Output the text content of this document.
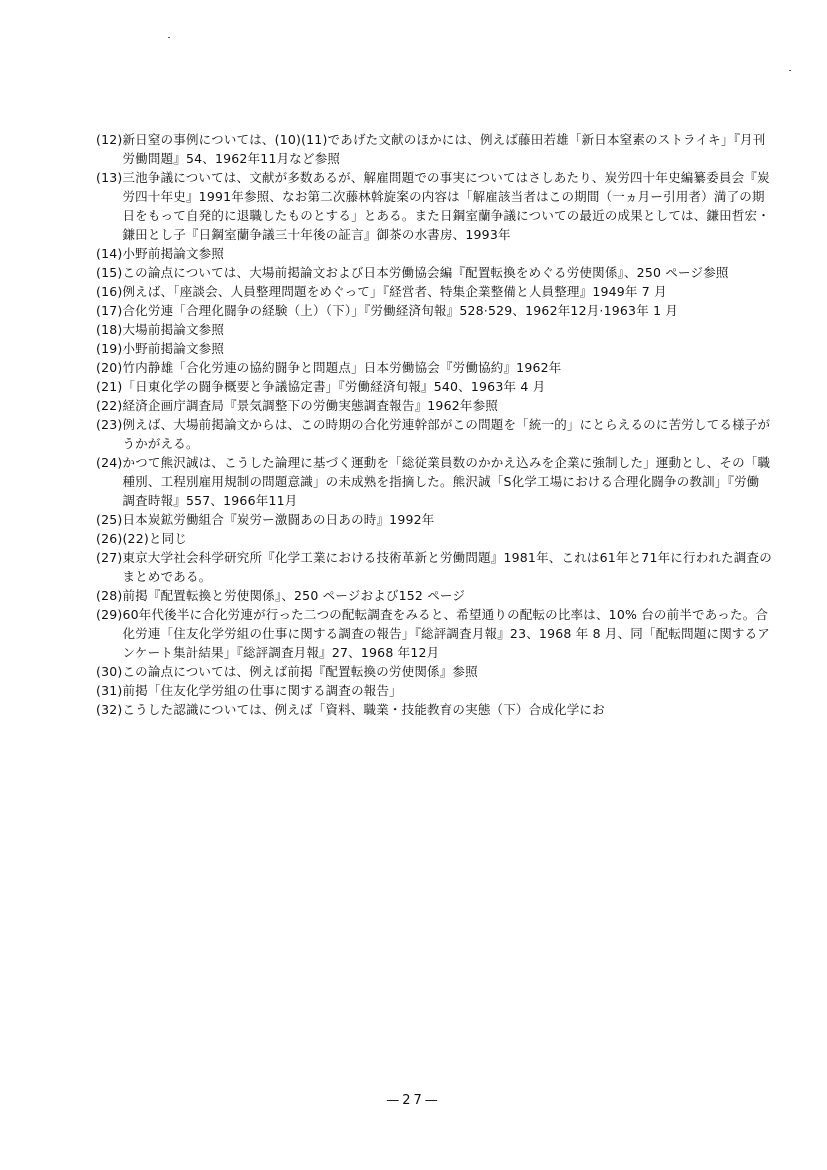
(12) 新日窒の事例については、(10)(11)であげた文献のほかには、例えば藤田若雄「新日本窒素のストライキ」『月刊労働問題』54、1962年11月など参照
(13) 三池争議については、文献が多数あるが、解雇問題での事実についてはさしあたり、炭労四十年史編纂委員会『炭労四十年史』1991年参照、なお第二次藤林斡旋案の内容は「解雇該当者はこの期間（一ヵ月ー引用者）満了の期日をもって自発的に退職したものとする」とある。また日鋼室蘭争議についての最近の成果としては、鎌田哲宏・鎌田とし子『日鋼室蘭争議三十年後の証言』御茶の水書房、1993年
(14) 小野前掲論文参照
(15) この論点については、大場前掲論文および日本労働協会編『配置転換をめぐる労使関係』、250 ページ参照
(16) 例えば、「座談会、人員整理問題をめぐって」『経営者、特集企業整備と人員整理』1949年 7 月
(17) 合化労連「合理化闘争の経験（上）（下）」『労働経済旬報』528·529、1962年12月·1963年 1 月
(18) 大場前掲論文参照
(19) 小野前掲論文参照
(20) 竹内静雄「合化労連の協約闘争と問題点」日本労働協会『労働協約』1962年
(21) 「日東化学の闘争概要と争議協定書」『労働経済旬報』540、1963年 4 月
(22) 経済企画庁調査局『景気調整下の労働実態調査報告』1962年参照
(23) 例えば、大場前掲論文からは、この時期の合化労連幹部がこの問題を「統一的」にとらえるのに苦労してる様子がうかがえる。
(24) かつて熊沢誠は、こうした論理に基づく運動を「総従業員数のかかえ込みを企業に強制した」運動とし、その「職種別、工程別雇用規制の問題意識」の未成熟を指摘した。熊沢誠「S化学工場における合理化闘争の教訓」『労働調査時報』557、1966年11月
(25) 日本炭鉱労働組合『炭労ー激闘あの日あの時』1992年
(26) (22)と同じ
(27) 東京大学社会科学研究所『化学工業における技術革新と労働問題』1981年、これは61年と71年に行われた調査のまとめである。
(28) 前掲『配置転換と労使関係』、250 ページおよび152 ページ
(29) 60年代後半に合化労連が行った二つの配転調査をみると、希望通りの配転の比率は、10% 台の前半であった。合化労連「住友化学労組の仕事に関する調査の報告」『総評調査月報』23、1968 年 8 月、同「配転問題に関するアンケート集計結果」『総評調査月報』27、1968 年12月
(30) この論点については、例えば前掲『配置転換の労使関係』参照
(31) 前掲「住友化学労組の仕事に関する調査の報告」
(32) こうした認識については、例えば「資料、職業・技能教育の実態（下）合成化学にお
—27—
